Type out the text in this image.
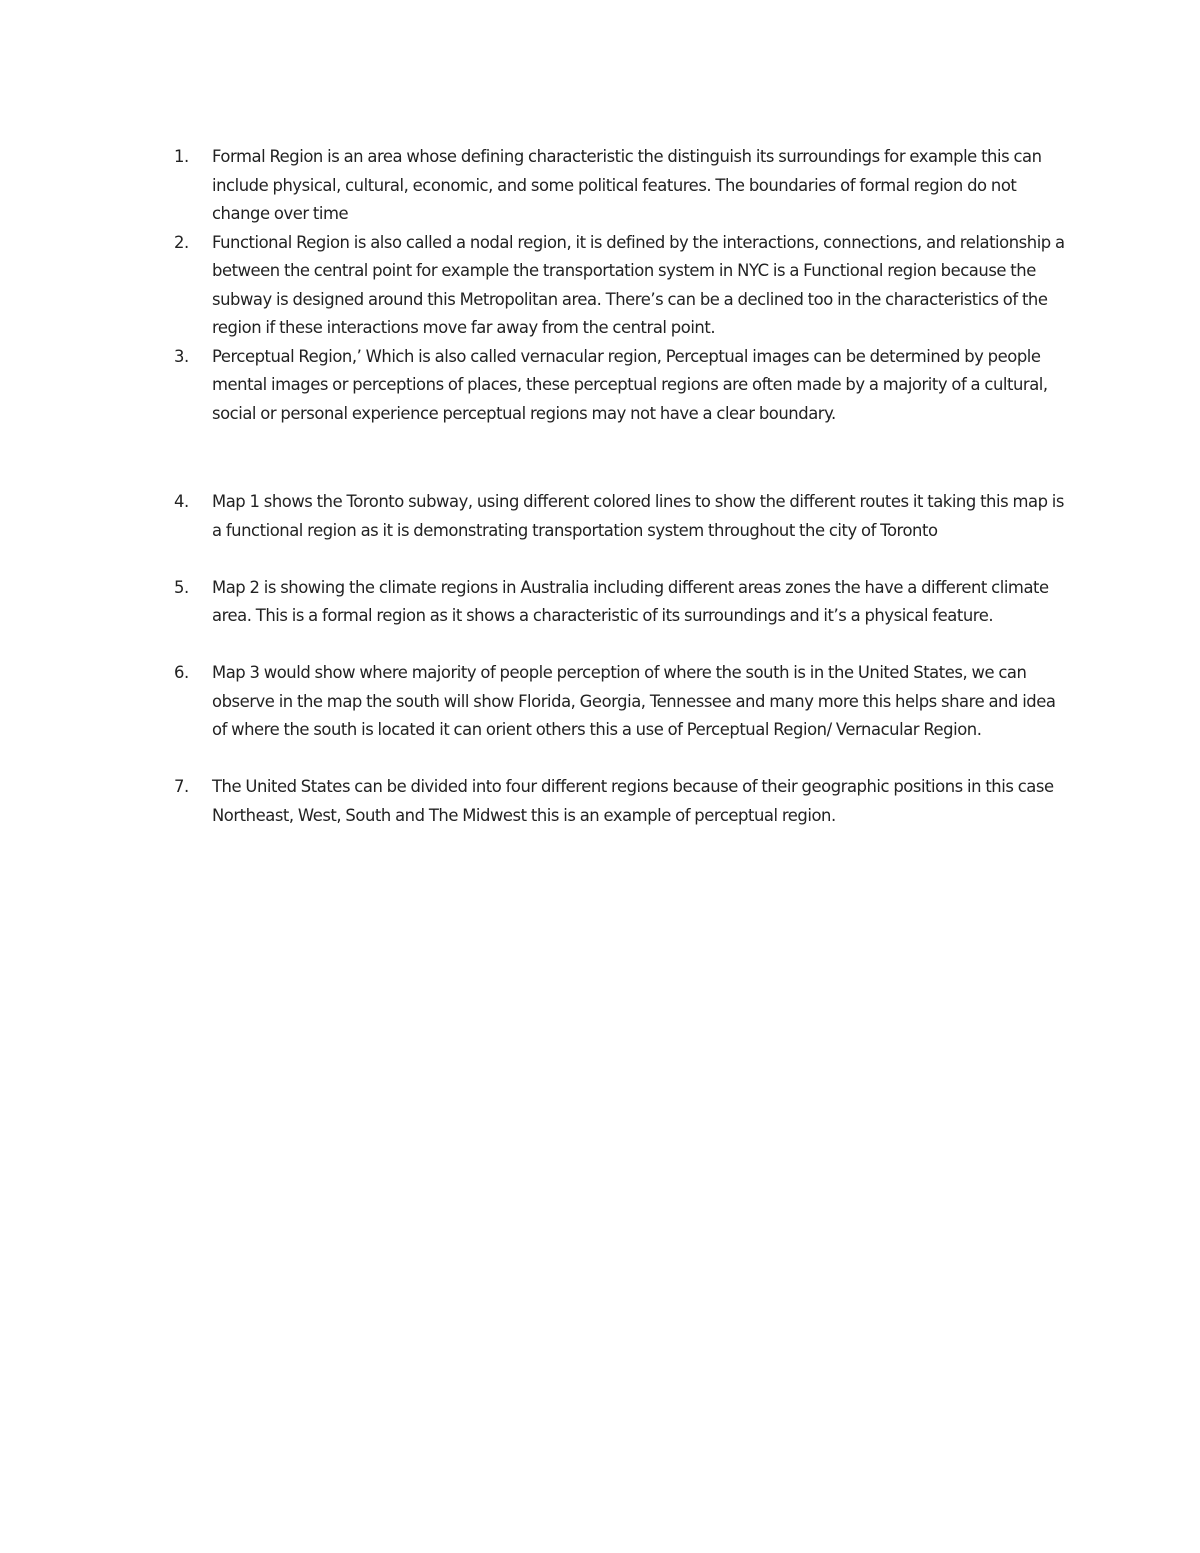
1.	Formal Region is an area whose defining characteristic the distinguish its surroundings for example this can include physical, cultural, economic, and some political features. The boundaries of formal region do not change over time
2.	Functional Region is also called a nodal region, it is defined by the interactions, connections, and relationship a between the central point for example the transportation system in NYC is a Functional region because the subway is designed around this Metropolitan area. There’s can be a declined too in the characteristics of the region if these interactions move far away from the central point.
3.	Perceptual Region,’ Which is also called vernacular region, Perceptual images can be determined by people mental images or perceptions of places, these perceptual regions are often made by a majority of a cultural, social or personal experience perceptual regions may not have a clear boundary.
4.	Map 1 shows the Toronto subway, using different colored lines to show the different routes it taking this map is a functional region as it is demonstrating transportation system throughout the city of Toronto
5.	Map 2 is showing the climate regions in Australia including different areas zones the have a different climate area. This is a formal region as it shows a characteristic of its surroundings and it’s a physical feature.
6.	Map 3 would show where majority of people perception of where the south is in the United States, we can observe in the map the south will show Florida, Georgia, Tennessee and many more this helps share and idea of where the south is located it can orient others this a use of Perceptual Region/ Vernacular Region.
7.	The United States can be divided into four different regions because of their geographic positions in this case Northeast, West, South and The Midwest this is an example of perceptual region.
